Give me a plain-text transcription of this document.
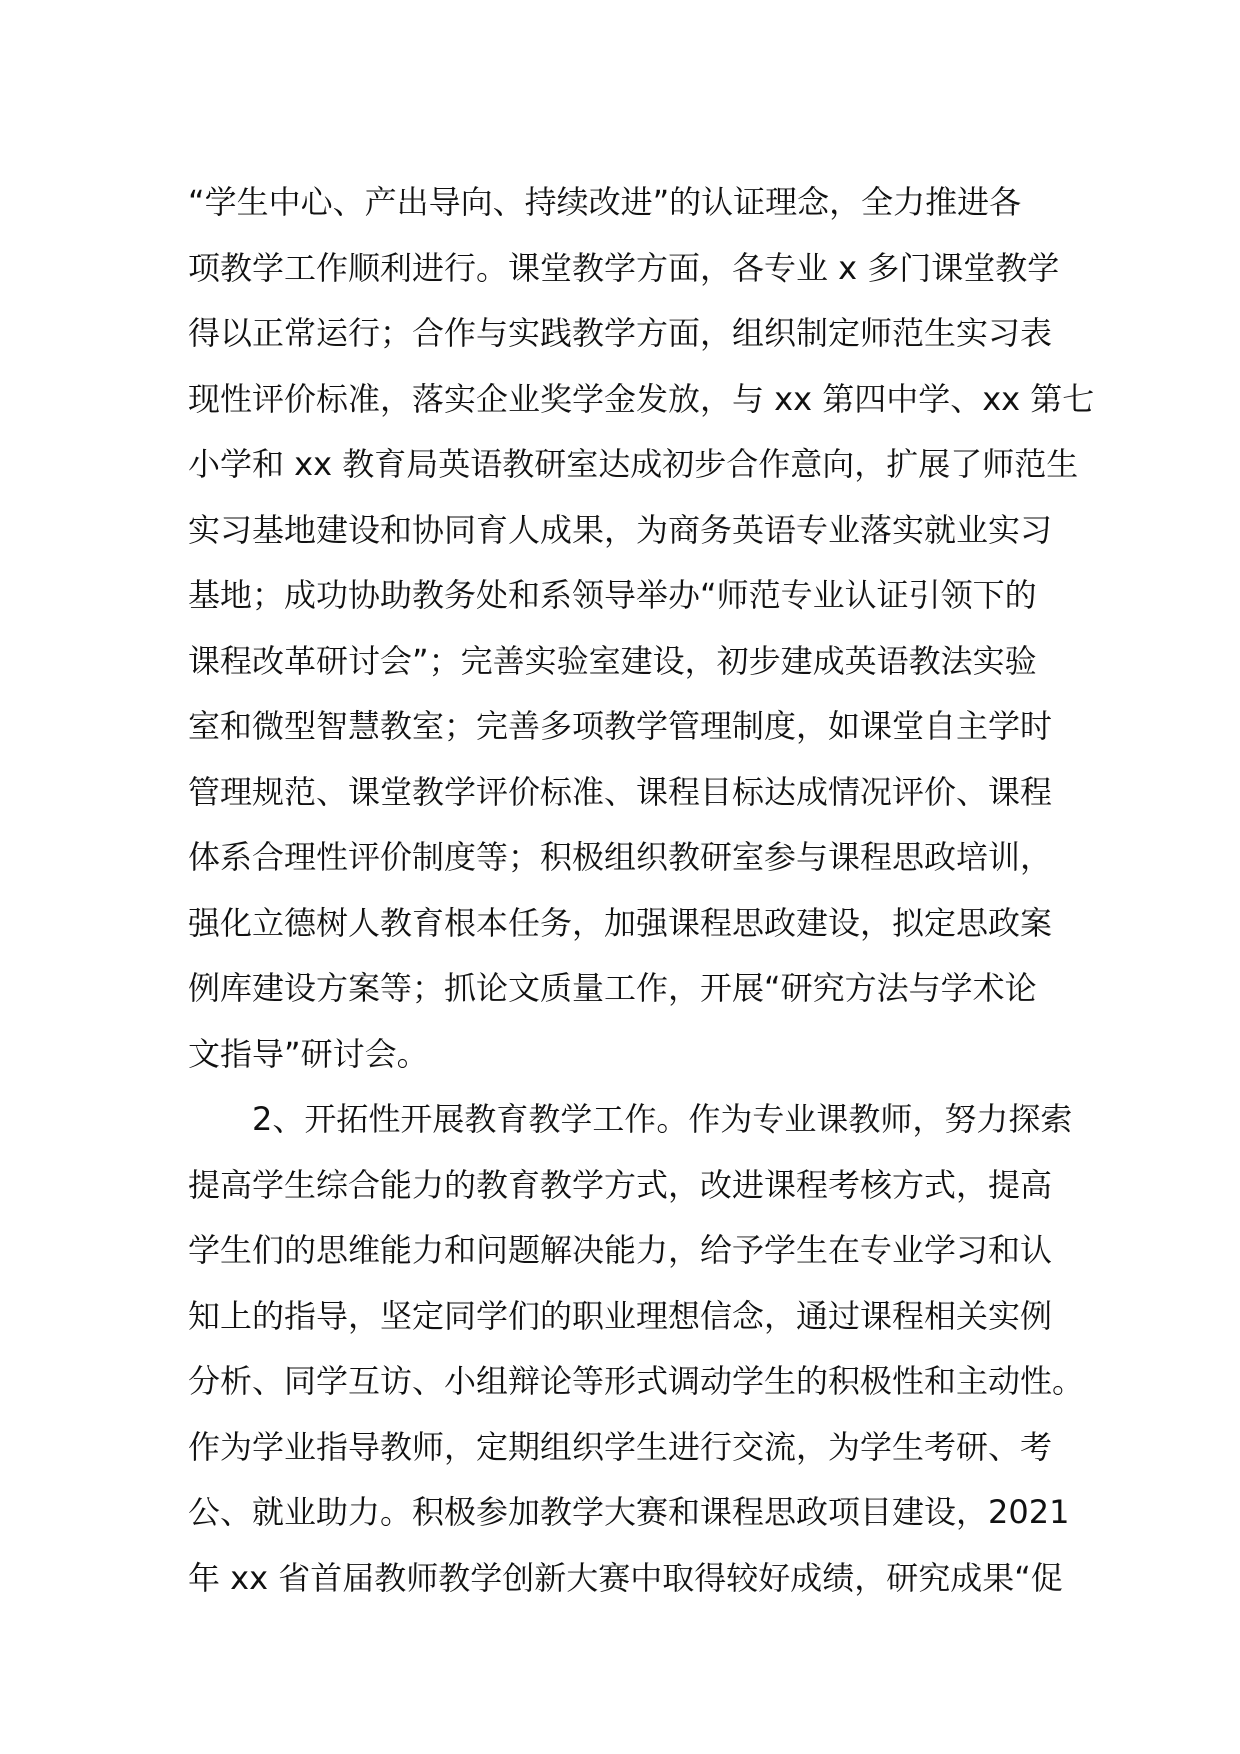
“学生中心、产出导向、持续改进”的认证理念，全力推进各
项教学工作顺利进行。课堂教学方面，各专业 x 多门课堂教学
得以正常运行；合作与实践教学方面，组织制定师范生实习表
现性评价标准，落实企业奖学金发放，与 xx 第四中学、xx 第七
小学和 xx 教育局英语教研室达成初步合作意向，扩展了师范生
实习基地建设和协同育人成果，为商务英语专业落实就业实习
基地；成功协助教务处和系领导举办“师范专业认证引领下的
课程改革研讨会”；完善实验室建设，初步建成英语教法实验
室和微型智慧教室；完善多项教学管理制度，如课堂自主学时
管理规范、课堂教学评价标准、课程目标达成情况评价、课程
体系合理性评价制度等；积极组织教研室参与课程思政培训，
强化立德树人教育根本任务，加强课程思政建设，拟定思政案
例库建设方案等；抓论文质量工作，开展“研究方法与学术论
文指导”研讨会。
2、开拓性开展教育教学工作。作为专业课教师，努力探索
提高学生综合能力的教育教学方式，改进课程考核方式，提高
学生们的思维能力和问题解决能力，给予学生在专业学习和认
知上的指导，坚定同学们的职业理想信念，通过课程相关实例
分析、同学互访、小组辩论等形式调动学生的积极性和主动性。
作为学业指导教师，定期组织学生进行交流，为学生考研、考
公、就业助力。积极参加教学大赛和课程思政项目建设，2021
年 xx 省首届教师教学创新大赛中取得较好成绩，研究成果“促
